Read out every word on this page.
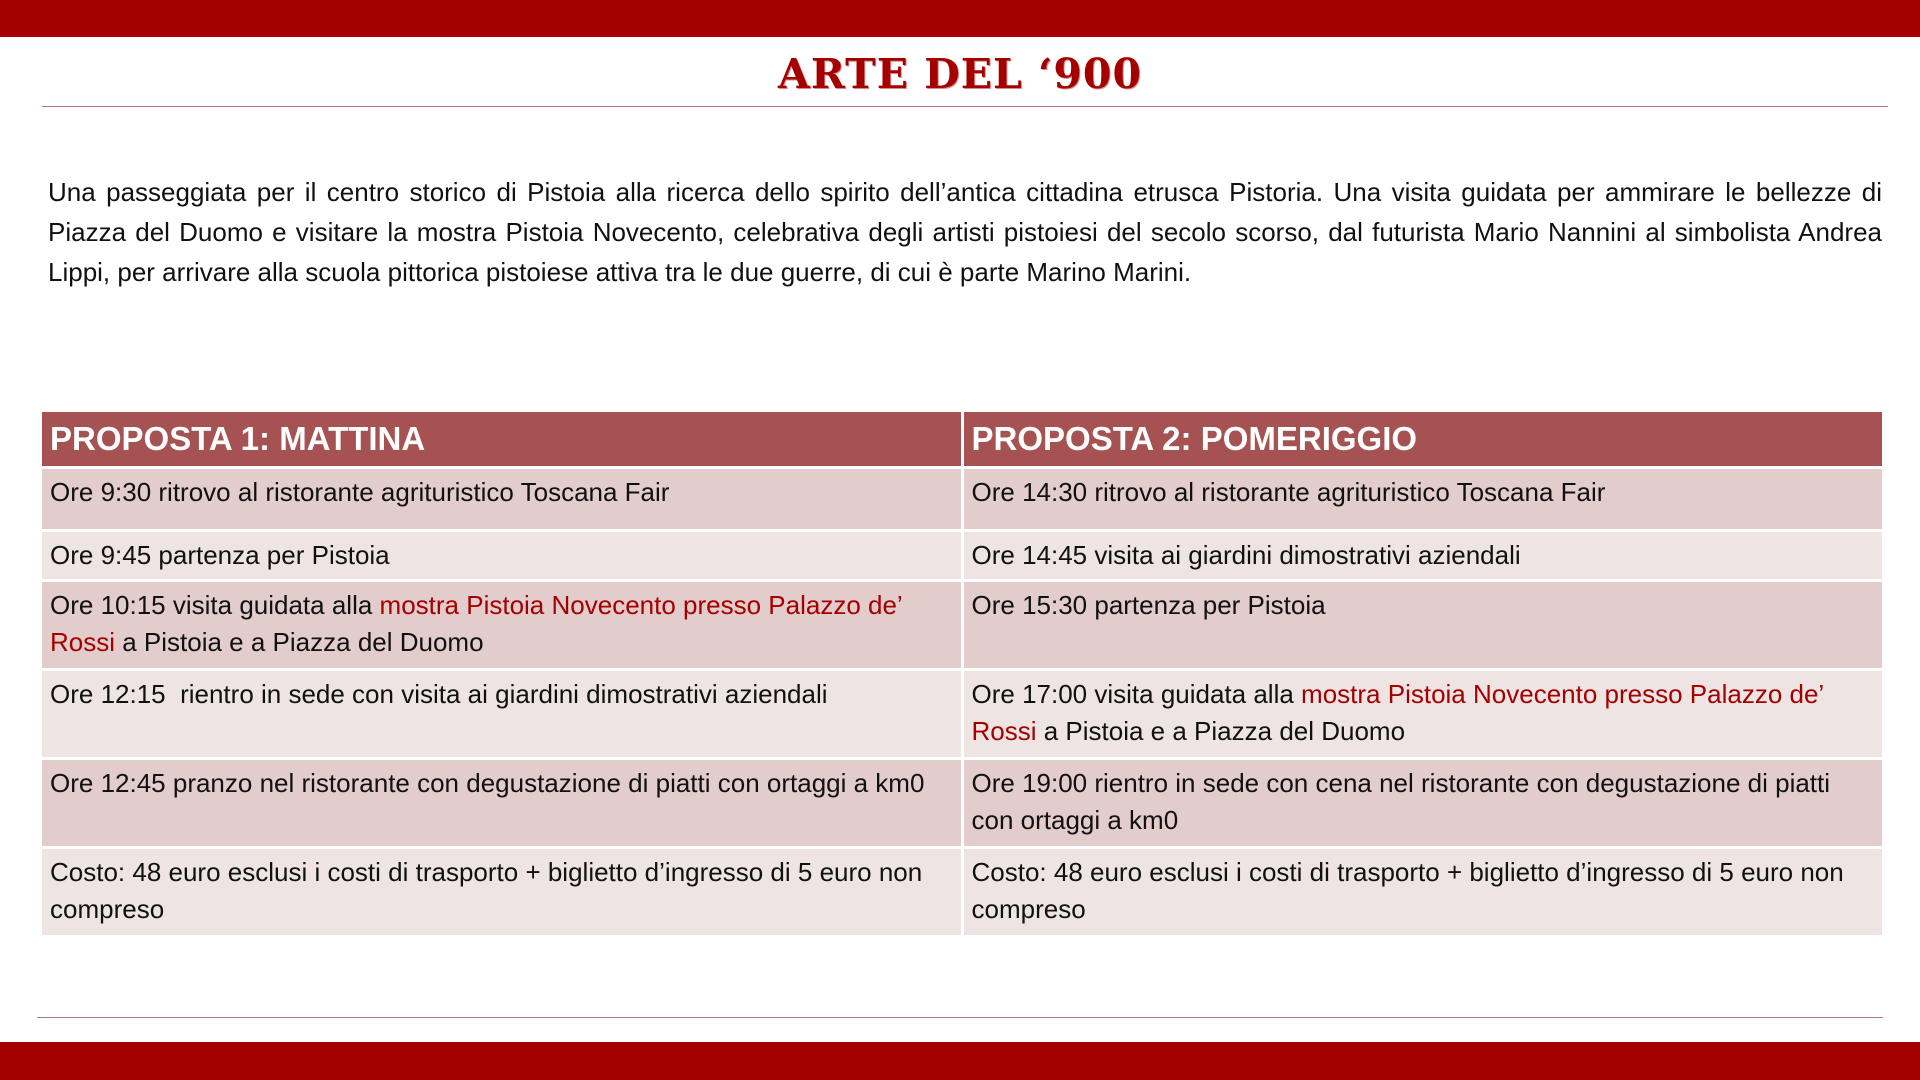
ARTE DEL ‘900

Una passeggiata per il centro storico di Pistoia alla ricerca dello spirito dell’antica cittadina etrusca Pistoria. Una visita guidata per ammirare le bellezze di Piazza del Duomo e visitare la mostra Pistoia Novecento, celebrativa degli artisti pistoiesi del secolo scorso, dal futurista Mario Nannini al simbolista Andrea Lippi, per arrivare alla scuola pittorica pistoiese attiva tra le due guerre, di cui è parte Marino Marini.

PROPOSTA 1: MATTINA	PROPOSTA 2: POMERIGGIO
Ore 9:30 ritrovo al ristorante agrituristico Toscana Fair	Ore 14:30 ritrovo al ristorante agrituristico Toscana Fair
Ore 9:45 partenza per Pistoia	Ore 14:45 visita ai giardini dimostrativi aziendali
Ore 10:15 visita guidata alla mostra Pistoia Novecento presso Palazzo de’ Rossi a Pistoia e a Piazza del Duomo	Ore 15:30 partenza per Pistoia
Ore 12:15  rientro in sede con visita ai giardini dimostrativi aziendali	Ore 17:00 visita guidata alla mostra Pistoia Novecento presso Palazzo de’ Rossi a Pistoia e a Piazza del Duomo
Ore 12:45 pranzo nel ristorante con degustazione di piatti con ortaggi a km0	Ore 19:00 rientro in sede con cena nel ristorante con degustazione di piatti con ortaggi a km0
Costo: 48 euro esclusi i costi di trasporto + biglietto d’ingresso di 5 euro non compreso	Costo: 48 euro esclusi i costi di trasporto + biglietto d’ingresso di 5 euro non compreso
